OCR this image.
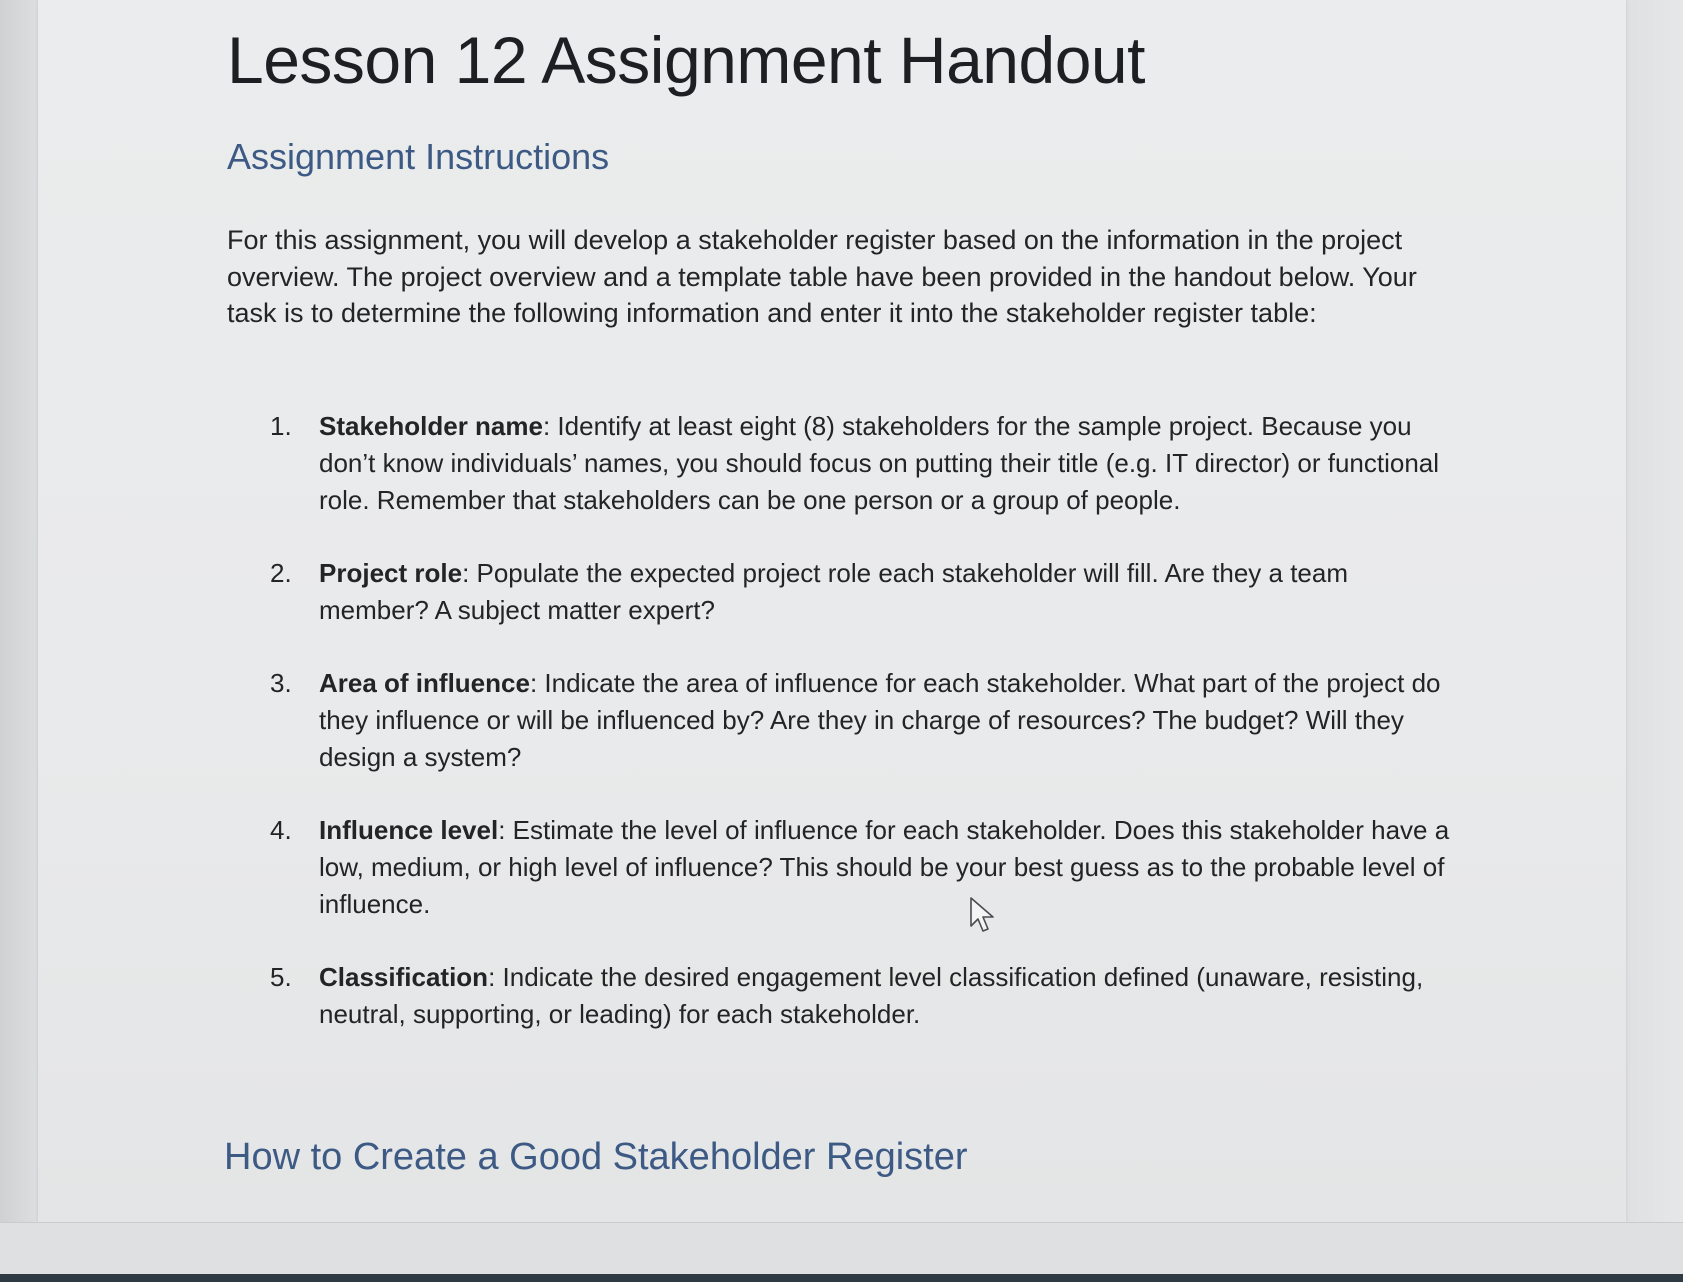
Lesson 12 Assignment Handout
Assignment Instructions

For this assignment, you will develop a stakeholder register based on the information in the project overview. The project overview and a template table have been provided in the handout below. Your task is to determine the following information and enter it into the stakeholder register table:

1.	Stakeholder name: Identify at least eight (8) stakeholders for the sample project. Because you don’t know individuals’ names, you should focus on putting their title (e.g. IT director) or functional role. Remember that stakeholders can be one person or a group of people.
2.	Project role: Populate the expected project role each stakeholder will fill. Are they a team member? A subject matter expert?
3.	Area of influence: Indicate the area of influence for each stakeholder. What part of the project do they influence or will be influenced by? Are they in charge of resources? The budget? Will they design a system?
4.	Influence level: Estimate the level of influence for each stakeholder. Does this stakeholder have a low, medium, or high level of influence? This should be your best guess as to the probable level of influence.
5.	Classification: Indicate the desired engagement level classification defined (unaware, resisting, neutral, supporting, or leading) for each stakeholder.
How to Create a Good Stakeholder Register
